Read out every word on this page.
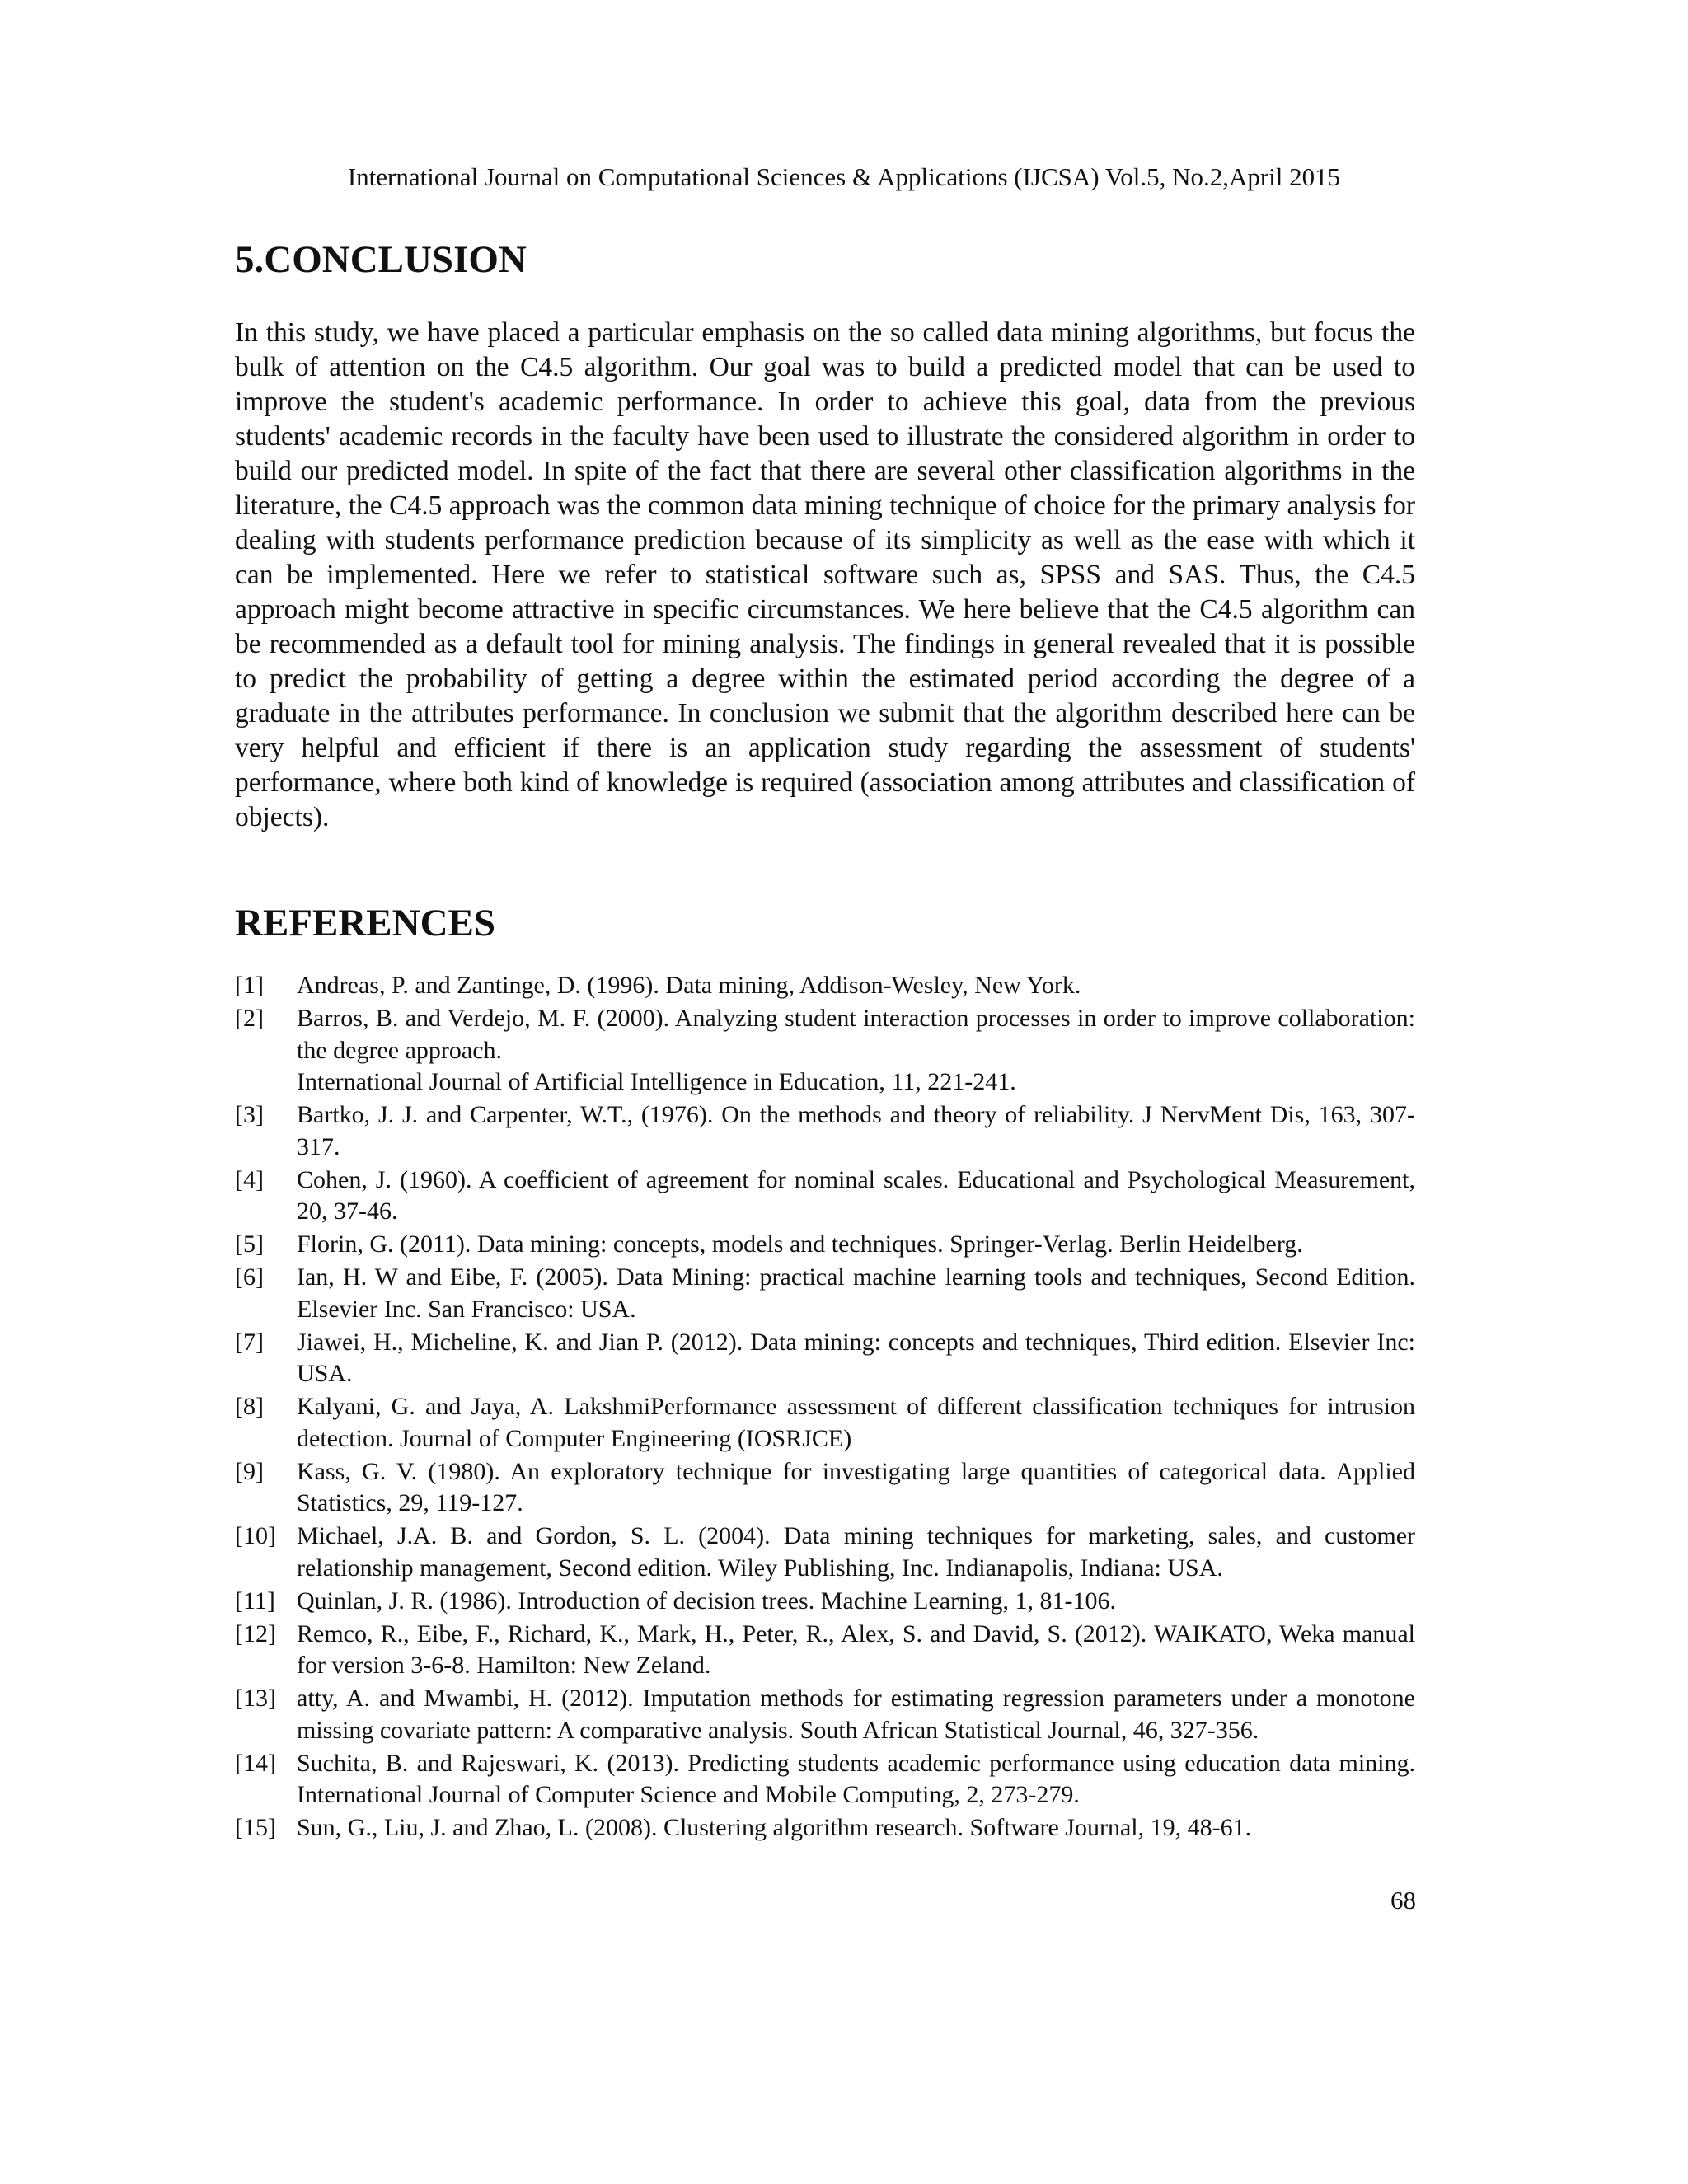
International Journal on Computational Sciences & Applications (IJCSA) Vol.5, No.2,April 2015
5.CONCLUSION

In this study, we have placed a particular emphasis on the so called data mining algorithms, but focus the bulk of attention on the C4.5 algorithm. Our goal was to build a predicted model that can be used to improve the student's academic performance. In order to achieve this goal, data from the previous students' academic records in the faculty have been used to illustrate the considered algorithm in order to build our predicted model. In spite of the fact that there are several other classification algorithms in the literature, the C4.5 approach was the common data mining technique of choice for the primary analysis for dealing with students performance prediction because of its simplicity as well as the ease with which it can be implemented. Here we refer to statistical software such as, SPSS and SAS. Thus, the C4.5 approach might become attractive in specific circumstances. We here believe that the C4.5 algorithm can be recommended as a default tool for mining analysis. The findings in general revealed that it is possible to predict the probability of getting a degree within the estimated period according the degree of a graduate in the attributes performance. In conclusion we submit that the algorithm described here can be very helpful and efficient if there is an application study regarding the assessment of students' performance, where both kind of knowledge is required (association among attributes and classification of objects).

REFERENCES
[1]	Andreas, P. and Zantinge, D. (1996). Data mining, Addison-Wesley, New York.
[2]	Barros, B. and Verdejo, M. F. (2000). Analyzing student interaction processes in order to improve collaboration: the degree approach.
International Journal of Artificial Intelligence in Education, 11, 221-241.
[3]	Bartko, J. J. and Carpenter, W.T., (1976). On the methods and theory of reliability. J NervMent Dis, 163, 307-317.
[4]	Cohen, J. (1960). A coefficient of agreement for nominal scales. Educational and Psychological Measurement, 20, 37-46.
[5]	Florin, G. (2011). Data mining: concepts, models and techniques. Springer-Verlag. Berlin Heidelberg.
[6]	Ian, H. W and Eibe, F. (2005). Data Mining: practical machine learning tools and techniques, Second Edition. Elsevier Inc. San Francisco: USA.
[7]	Jiawei, H., Micheline, K. and Jian P. (2012). Data mining: concepts and techniques, Third edition. Elsevier Inc: USA.
[8]	Kalyani, G. and Jaya, A. LakshmiPerformance assessment of different classification techniques for intrusion detection. Journal of Computer Engineering (IOSRJCE)
[9]	Kass, G. V. (1980). An exploratory technique for investigating large quantities of categorical data. Applied Statistics, 29, 119-127.
[10] Michael, J.A. B. and Gordon, S. L. (2004). Data mining techniques for marketing, sales, and customer relationship management, Second edition. Wiley Publishing, Inc. Indianapolis, Indiana: USA.
[11] Quinlan, J. R. (1986). Introduction of decision trees. Machine Learning, 1, 81-106.
[12] Remco, R., Eibe, F., Richard, K., Mark, H., Peter, R., Alex, S. and David, S. (2012). WAIKATO, Weka manual for version 3-6-8. Hamilton: New Zeland.
[13] atty, A. and Mwambi, H. (2012). Imputation methods for estimating regression parameters under a monotone missing covariate pattern: A comparative analysis. South African Statistical Journal, 46, 327-356.
[14] Suchita, B. and Rajeswari, K. (2013). Predicting students academic performance using education data mining. International Journal of Computer Science and Mobile Computing, 2, 273-279.
[15] Sun, G., Liu, J. and Zhao, L. (2008). Clustering algorithm research. Software Journal, 19, 48-61.
68
